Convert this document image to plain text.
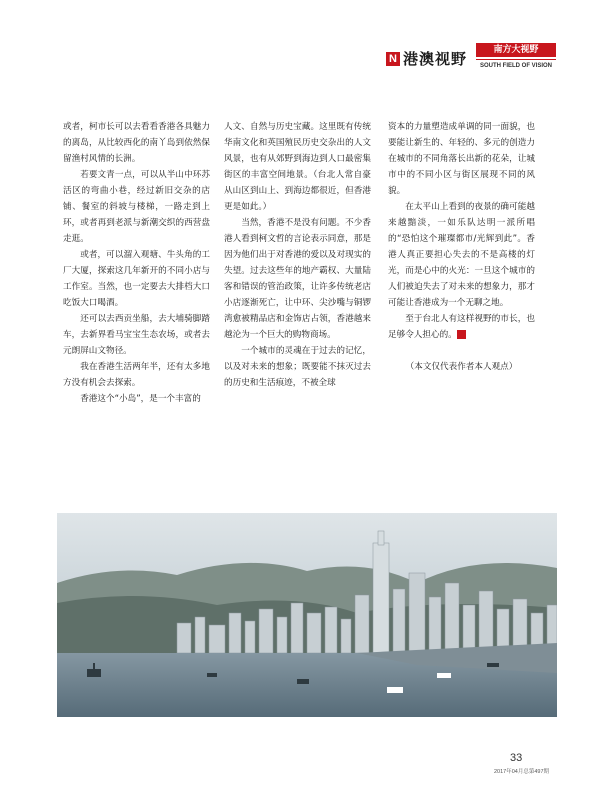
N 港澳视野	南方大视野
SOUTH FIELD OF VISION

或者，柯市长可以去看看香港各具魅力的离岛，从比较西化的南丫岛到依然保留渔村风情的长洲。

若要文青一点，可以从半山中环苏活区的弯曲小巷，经过新旧交杂的店铺、餐室的斜坡与楼梯，一路走到上环，或者再到老派与新潮交织的西营盘走逛。

或者，可以溜入观塘、牛头角的工厂大厦，探索这几年新开的不同小店与工作室。当然，也一定要去大排档大口吃饭大口喝酒。

还可以去西贡坐船，去大埔骑脚踏车，去新界看马宝宝生态农场，或者去元朗屏山文物径。

我在香港生活两年半，还有太多地方没有机会去探索。

香港这个“小岛”，是一个丰富的

人文、自然与历史宝藏。这里既有传统华南文化和英国殖民历史交杂出的人文风景，也有从郊野到海边到人口最密集街区的丰富空间地景。（台北人常自豪从山区到山上、到海边都很近，但香港更是如此。）

当然，香港不是没有问题。不少香港人看到柯文哲的言论表示同意，那是因为他们出于对香港的爱以及对现实的失望。过去这些年的地产霸权、大量陆客和错误的管治政策，让许多传统老店小店逐渐死亡，让中环、尖沙嘴与铜锣湾愈被精品店和金饰店占领，香港越来越沦为一个巨大的购物商场。

一个城市的灵魂在于过去的记忆，以及对未来的想象；既要能不抹灭过去的历史和生活痕迹，不被全球

资本的力量塑造成单调的同一面貌，也要能让新生的、年轻的、多元的创造力在城市的不同角落长出新的花朵，让城市中的不同小区与街区展现不同的风貌。

在太平山上看到的夜景的确可能越来越黯淡，一如乐队达明一派所唱的“恐怕这个璀璨都市/光辉到此”。香港人真正要担心失去的不是高楼的灯光，而是心中的火光：一旦这个城市的人们被迫失去了对未来的想象力，那才可能让香港成为一个无聊之地。

至于台北人有这样视野的市长，也足够令人担心的。 N

（本文仅代表作者本人观点）

33
2017年04月总第497期
